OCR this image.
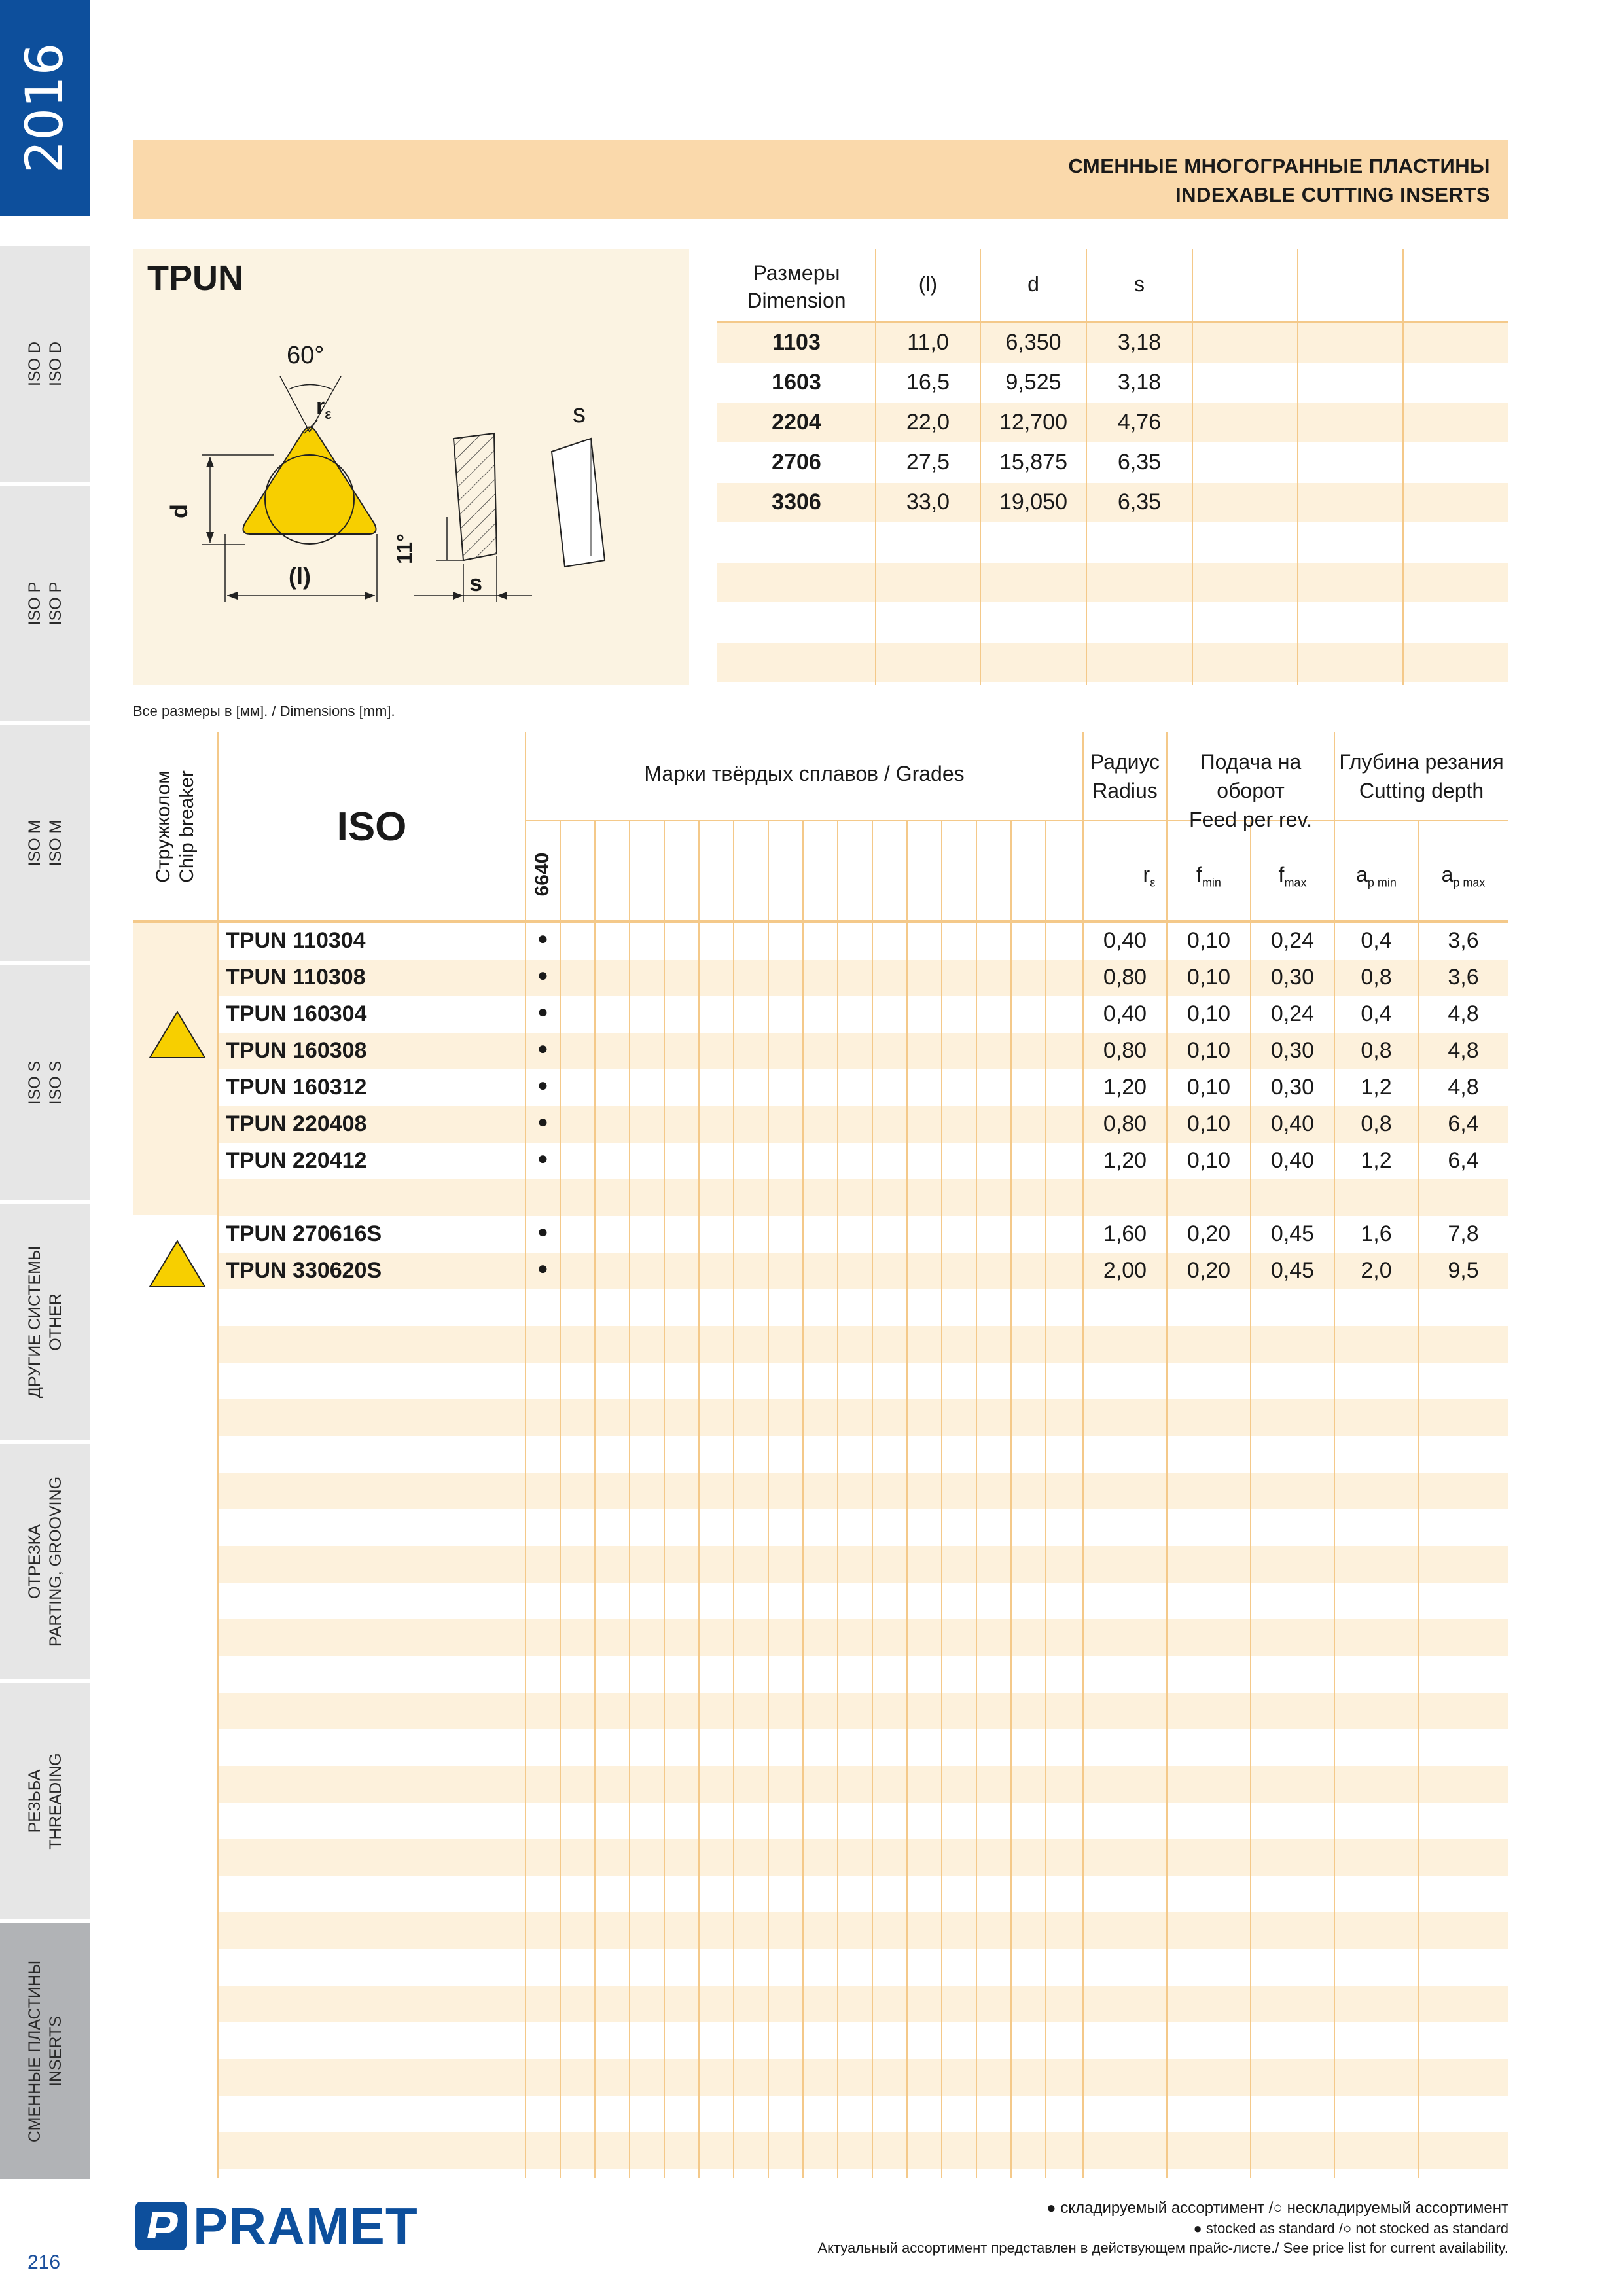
2016
ISO D ISO D
ISO P ISO P
ISO M ISO M
ISO S ISO S
ДРУГИЕ СИСТЕМЫ OTHER
ОТРЕЗКА PARTING, GROOVING
РЕЗЬБА THREADING
СМЕННЫЕ ПЛАСТИНЫ INSERTS
216
СМЕННЫЕ МНОГОГРАННЫЕ ПЛАСТИНЫ
INDEXABLE CUTTING INSERTS
TPUN
60°
$r_\varepsilon$
d
(l)
11°
s
s
Размеры
Dimension
(l)	d	s
1103	11,0	6,350	3,18
1603	16,5	9,525	3,18
2204	22,0	12,700	4,76
2706	27,5	15,875	6,35
3306	33,0	19,050	6,35
Все размеры в [мм]. / Dimensions [mm].
Стружколом Chip breaker	ISO
Марки твёрдых сплавов / Grades
6640
Радиус
Radius
Подача на оборот
Feed per rev.
Глубина резания
Cutting depth
$r_\varepsilon$	$f_{min}$	$f_{max}$	$a_{p min}$	$a_{p max}$
TPUN 110304	●	0,40	0,10	0,24	0,4	3,6
TPUN 110308	●	0,80	0,10	0,30	0,8	3,6
TPUN 160304	●	0,40	0,10	0,24	0,4	4,8
TPUN 160308	●	0,80	0,10	0,30	0,8	4,8
TPUN 160312	●	1,20	0,10	0,30	1,2	4,8
TPUN 220408	●	0,80	0,10	0,40	0,8	6,4
TPUN 220412	●	1,20	0,10	0,40	1,2	6,4
TPUN 270616S	●	1,60	0,20	0,45	1,6	7,8
TPUN 330620S	●	2,00	0,20	0,45	2,0	9,5
PRAMET	● складируемый ассортимент /○ нескладируемый ассортимент
● stocked as standard /○ not stocked as standard
Актуальный ассортимент представлен в действующем прайс-листе./ See price list for current availability.
